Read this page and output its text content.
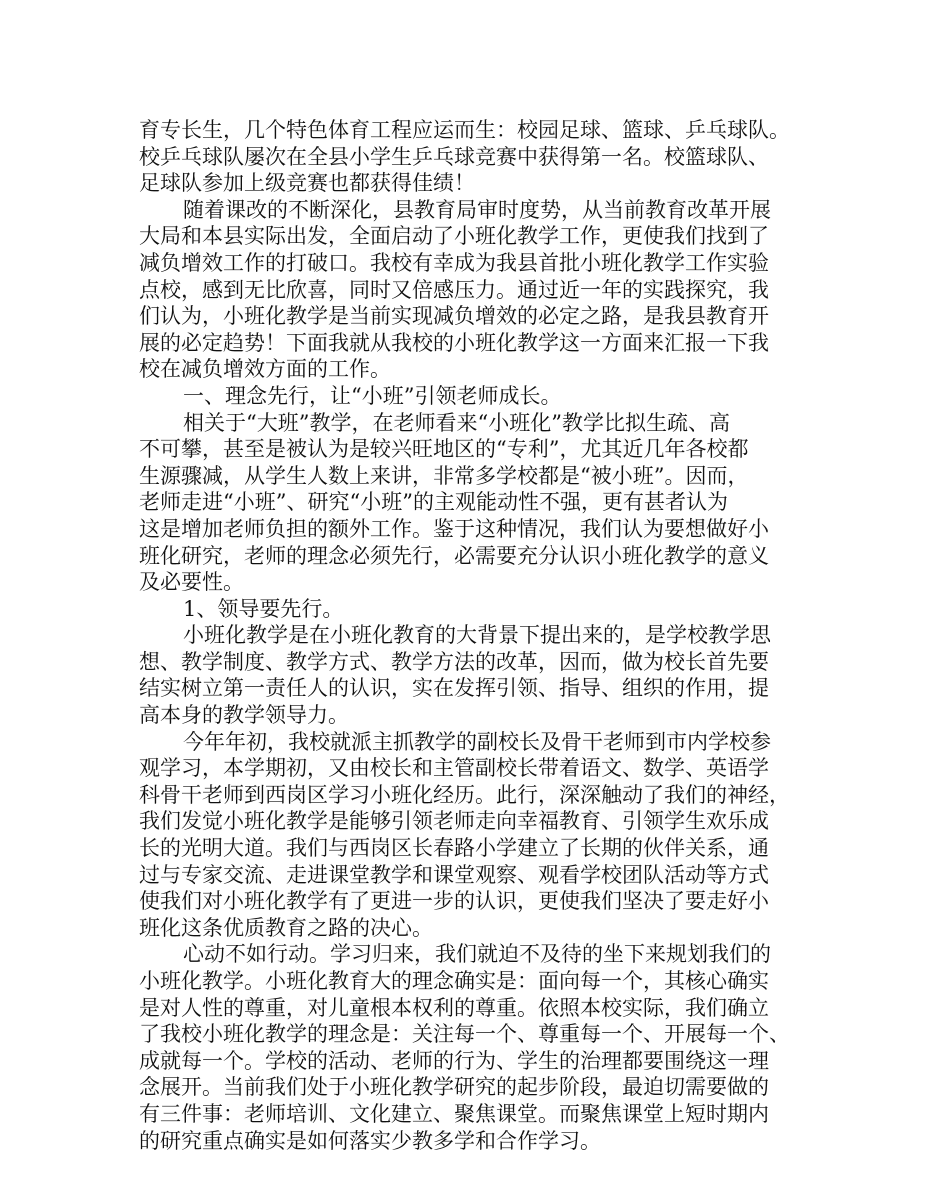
育专长生，几个特色体育工程应运而生：校园足球、篮球、乒乓球队。
校乒乓球队屡次在全县小学生乒乓球竞赛中获得第一名。校篮球队、
足球队参加上级竞赛也都获得佳绩！
随着课改的不断深化，县教育局审时度势，从当前教育改革开展
大局和本县实际出发，全面启动了小班化教学工作，更使我们找到了
减负增效工作的打破口。我校有幸成为我县首批小班化教学工作实验
点校，感到无比欣喜，同时又倍感压力。通过近一年的实践探究，我
们认为，小班化教学是当前实现减负增效的必定之路，是我县教育开
展的必定趋势！下面我就从我校的小班化教学这一方面来汇报一下我
校在减负增效方面的工作。
一、理念先行，让“小班”引领老师成长。
相关于“大班”教学，在老师看来“小班化”教学比拟生疏、高
不可攀，甚至是被认为是较兴旺地区的“专利”，尤其近几年各校都
生源骤减，从学生人数上来讲，非常多学校都是“被小班”。因而，
老师走进“小班”、研究“小班”的主观能动性不强，更有甚者认为
这是增加老师负担的额外工作。鉴于这种情况，我们认为要想做好小
班化研究，老师的理念必须先行，必需要充分认识小班化教学的意义
及必要性。
1、领导要先行。
小班化教学是在小班化教育的大背景下提出来的，是学校教学思
想、教学制度、教学方式、教学方法的改革，因而，做为校长首先要
结实树立第一责任人的认识，实在发挥引领、指导、组织的作用，提
高本身的教学领导力。
今年年初，我校就派主抓教学的副校长及骨干老师到市内学校参
观学习，本学期初，又由校长和主管副校长带着语文、数学、英语学
科骨干老师到西岗区学习小班化经历。此行，深深触动了我们的神经，
我们发觉小班化教学是能够引领老师走向幸福教育、引领学生欢乐成
长的光明大道。我们与西岗区长春路小学建立了长期的伙伴关系，通
过与专家交流、走进课堂教学和课堂观察、观看学校团队活动等方式
使我们对小班化教学有了更进一步的认识，更使我们坚决了要走好小
班化这条优质教育之路的决心。
心动不如行动。学习归来，我们就迫不及待的坐下来规划我们的
小班化教学。小班化教育大的理念确实是：面向每一个，其核心确实
是对人性的尊重，对儿童根本权利的尊重。依照本校实际，我们确立
了我校小班化教学的理念是：关注每一个、尊重每一个、开展每一个、
成就每一个。学校的活动、老师的行为、学生的治理都要围绕这一理
念展开。当前我们处于小班化教学研究的起步阶段，最迫切需要做的
有三件事：老师培训、文化建立、聚焦课堂。而聚焦课堂上短时期内
的研究重点确实是如何落实少教多学和合作学习。
